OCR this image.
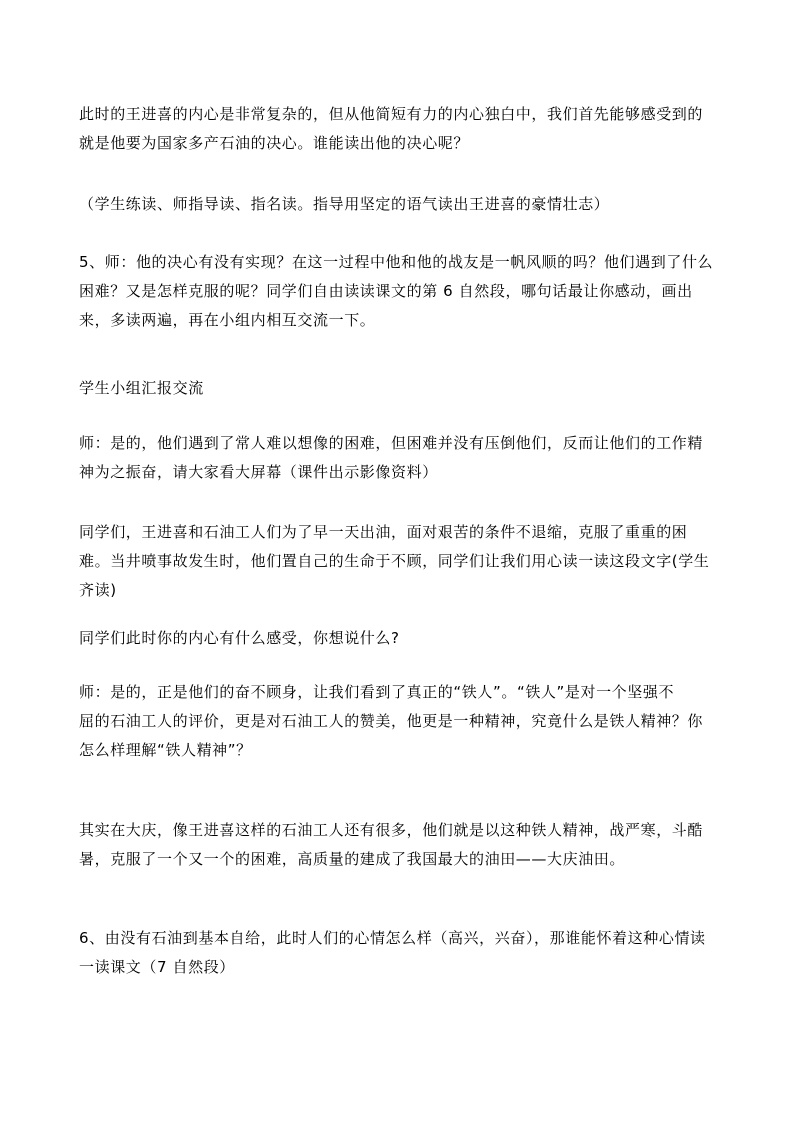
此时的王进喜的内心是非常复杂的，但从他简短有力的内心独白中，我们首先能够感受到的
就是他要为国家多产石油的决心。谁能读出他的决心呢？

（学生练读、师指导读、指名读。指导用坚定的语气读出王进喜的豪情壮志）

5、师：他的决心有没有实现？在这一过程中他和他的战友是一帆风顺的吗？他们遇到了什么
困难？又是怎样克服的呢？同学们自由读读课文的第 6 自然段，哪句话最让你感动，画出
来，多读两遍，再在小组内相互交流一下。

学生小组汇报交流

师：是的，他们遇到了常人难以想像的困难，但困难并没有压倒他们，反而让他们的工作精
神为之振奋，请大家看大屏幕（课件出示影像资料）

同学们，王进喜和石油工人们为了早一天出油，面对艰苦的条件不退缩，克服了重重的困
难。当井喷事故发生时，他们置自己的生命于不顾，同学们让我们用心读一读这段文字(学生
齐读)

同学们此时你的内心有什么感受，你想说什么?

师：是的，正是他们的奋不顾身，让我们看到了真正的“铁人”。“铁人”是对一个坚强不
屈的石油工人的评价，更是对石油工人的赞美，他更是一种精神，究竟什么是铁人精神？你
怎么样理解“铁人精神”？

其实在大庆，像王进喜这样的石油工人还有很多，他们就是以这种铁人精神，战严寒，斗酷
暑，克服了一个又一个的困难，高质量的建成了我国最大的油田——大庆油田。

6、由没有石油到基本自给，此时人们的心情怎么样（高兴，兴奋），那谁能怀着这种心情读
一读课文（7 自然段）
